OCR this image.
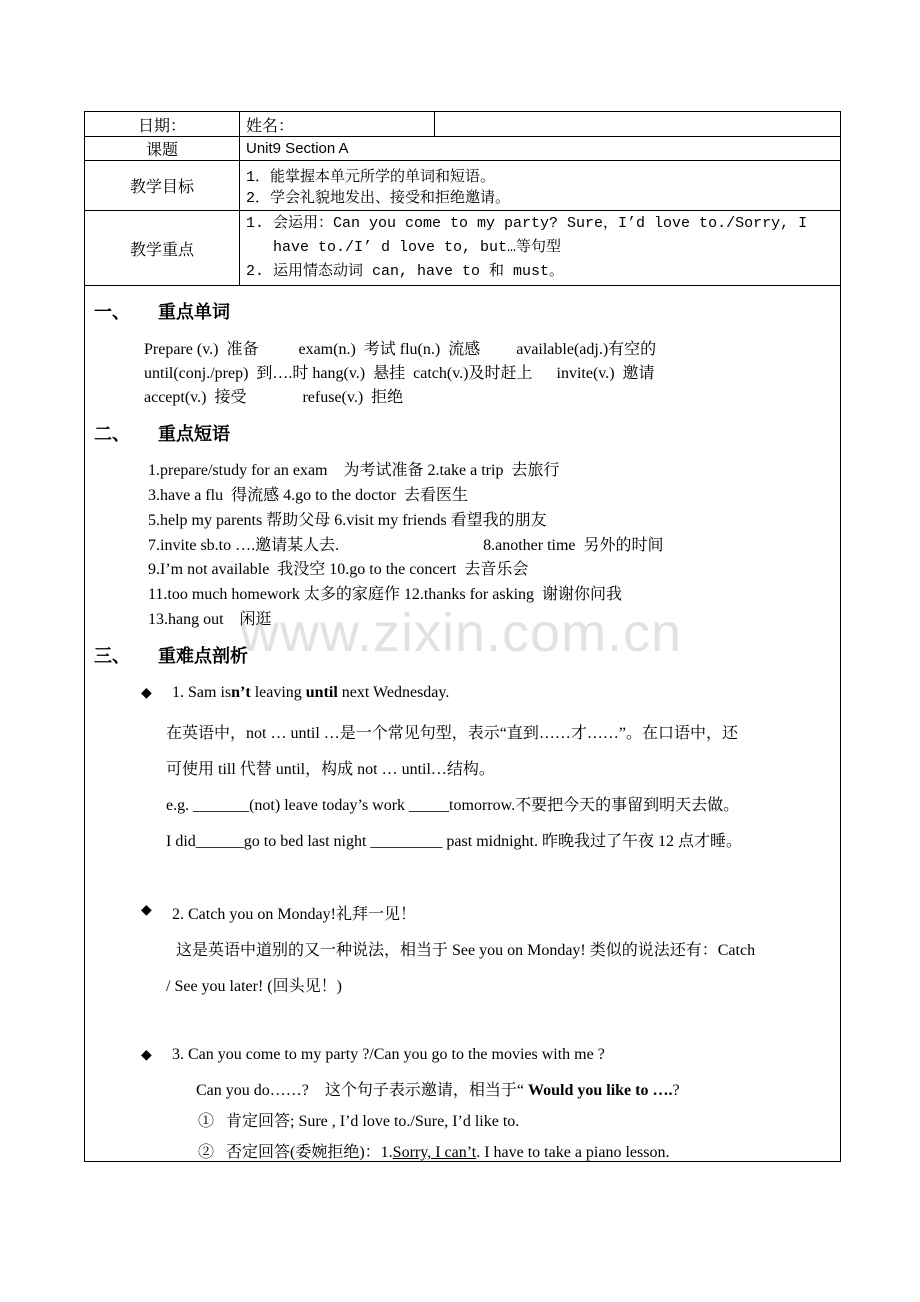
日期：	姓名：	
课题	Unit9 Section A	
教学目标	1．能掌握本单元所学的单词和短语。
2．学会礼貌地发出、接受和拒绝邀请。	

教学重点	1. 会运用：Can you come to my party? Sure，I’d love to./Sorry, I
have to./I’ d love to, but…等句型
2. 运用情态动词 can, have to 和 must。	
www.zixin.com.cn
一、 重点单词
Prepare (v.)  准备          exam(n.)  考试 flu(n.)  流感         available(adj.)有空的
until(conj./prep)  到….时 hang(v.)  悬挂  catch(v.)及时赶上      invite(v.)  邀请
accept(v.)  接受              refuse(v.)  拒绝
二、 重点短语
1.prepare/study for an exam    为考试准备 2.take a trip  去旅行
3.have a flu  得流感 4.go to the doctor  去看医生
5.help my parents 帮助父母 6.visit my friends 看望我的朋友
7.invite sb.to ….邀请某人去.                                    8.another time  另外的时间
9.I’m not available  我没空 10.go to the concert  去音乐会
11.too much homework 太多的家庭作 12.thanks for asking  谢谢你问我
13.hang out    闲逛
三、 重难点剖析
◆ 1. Sam isn’t leaving until next Wednesday.
在英语中，not … until …是一个常见句型，表示“直到……才……”。在口语中，还
可使用 till 代替 until，构成 not … until…结构。
e.g. _______(not) leave today’s work _____tomorrow.不要把今天的事留到明天去做。
I did______go to bed last night _________ past midnight. 昨晚我过了午夜 12 点才睡。
◆ 2. Catch you on Monday!礼拜一见！
这是英语中道别的又一种说法，相当于 See you on Monday! 类似的说法还有：Catch
/ See you later! (回头见！)
◆ 3. Can you come to my party ?/Can you go to the movies with me ?
Can you do……?    这个句子表示邀请，相当于“ Would you like to ….?
①   肯定回答; Sure , I’d love to./Sure, I’d like to.
②   否定回答(委婉拒绝)：1.Sorry, I can’t. I have to take a piano lesson.
